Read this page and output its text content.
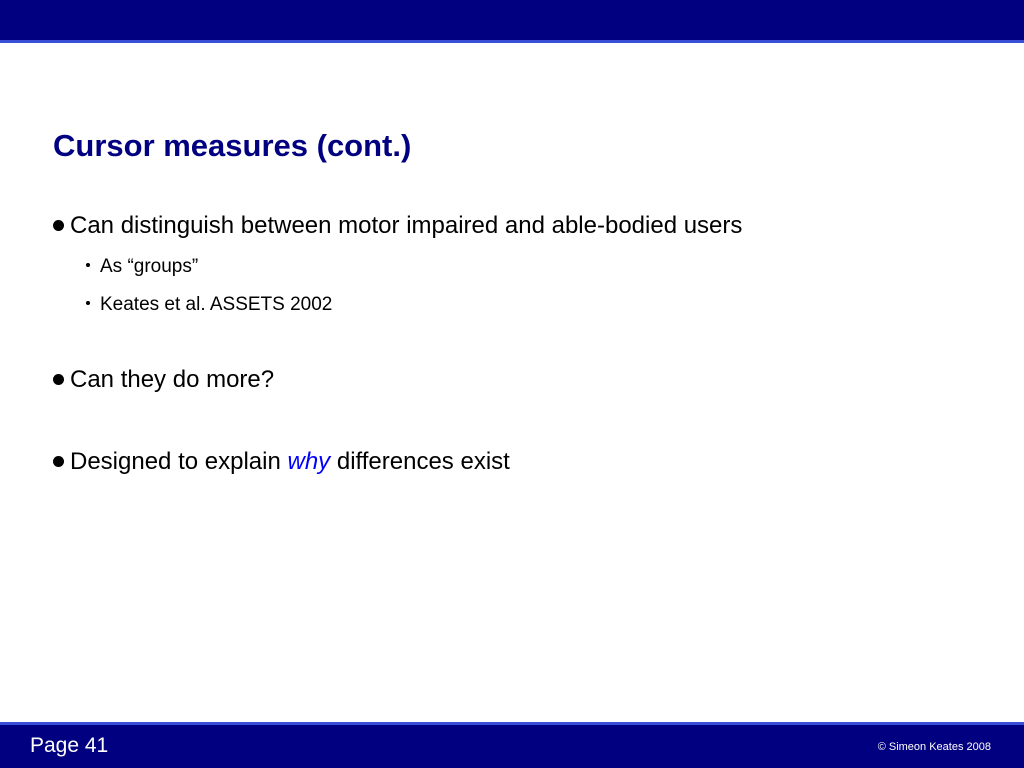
Cursor measures (cont.)
Can distinguish between motor impaired and able-bodied users
As “groups”
Keates et al. ASSETS 2002
Can they do more?
Designed to explain why differences exist
Page 41	© Simeon Keates 2008
